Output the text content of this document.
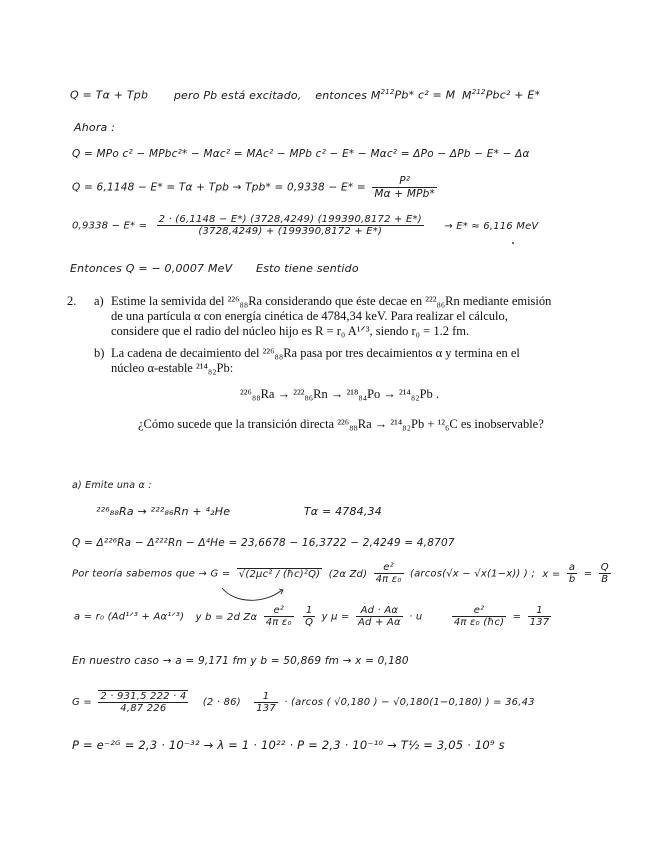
Q = Tα + Tpb pero Pb está excitado, entonces $M^{212}Pb*$ c² = M $M^{212}Pbc^2 + E*$
Ahora :
Q = MPo c² − MPbc²* − Mαc² = MAc² − MPb c² − E* − Mαc² = ΔPo − ΔPb − E* − Δα
Q = 6,1148 − E* = Tα + Tpb → $Tpb* = 0,9338 - E* = \frac{\text{P²}}{\text{Mα + MPb*}}$
$0,9338 - E* = \frac{2 \cdot (6,1148 - E*) (3728,4249) (199390,8172 + E*)}{(3728,4249) + (199390,8172 + E*)} \to E* \approx 6,116$ MeV
Entonces Q = − 0,0007 MeV Esto tiene sentido
2. a) Estime la semivida del ²²⁶₈₈Ra considerando que éste decae en ²²²₈₆Rn mediante emisión
de una partícula α con energía cinética de 4784,34 keV. Para realizar el cálculo,
considere que el radio del núcleo hijo es R = r₀ A¹ᐟ³, siendo r₀ = 1.2 fm.
b) La cadena de decaimiento del ²²⁶₈₈Ra pasa por tres decaimientos α y termina en el
núcleo α-estable ²¹⁴₈₂Pb:
²²⁶₈₈Ra → ²²²₈₆Rn → ²¹⁸₈₄Po → ²¹⁴₈₂Pb .
¿Cómo sucede que la transición directa ²²⁶₈₈Ra → ²¹⁴₈₂Pb + ¹²₆C es inobservable?
a) Emite una α :
²²⁶₈₈Ra → ²²²₈₆Rn + ⁴₂He	Tα = 4784,34
Q = Δ²²⁶Ra − Δ²²²Rn − Δ⁴He = 23,6678 − 16,3722 − 2,4249 = 4,8707
Por teoría sabemos que → G = √(2μc² / (ħc)²Q) (2α $Zd) \frac{\text{e²}}{\text{4π ε₀}} (arcos(√x - √x(1-x))$ ) ; $x = \frac{a}{b} = \frac{Q}{B}$
a = r₀ (Ad¹ᐟ³ + Aα¹ᐟ³) y b = 2d Zα $\frac{\text{e²}}{\text{4π ε₀}}$
$\frac{1}{Q}$ y $\mu = \frac{Ad \cdot A\alpha}{Ad + A\alpha} \cdot u$	$\frac{\text{e²}}{\text{4π ε₀ (ħc)}} = \frac{1}{137}$
En nuestro caso → a = 9,171 fm y b = 50,869 fm → x = 0,180
$G = \frac{2 \cdot 931,5 222 \cdot 4}{4,87 226} (2 \cdot 86) \frac{1}{137} \cdot (arcos$ ( √0,180 ) − √0,180(1−0,180) ) = 36,43
P = e⁻²ᴳ = 2,3 · 10⁻³² → λ = 1 · 10²² · P = 2,3 · 10⁻¹⁰ → T½ = 3,05 · 10⁹ s
